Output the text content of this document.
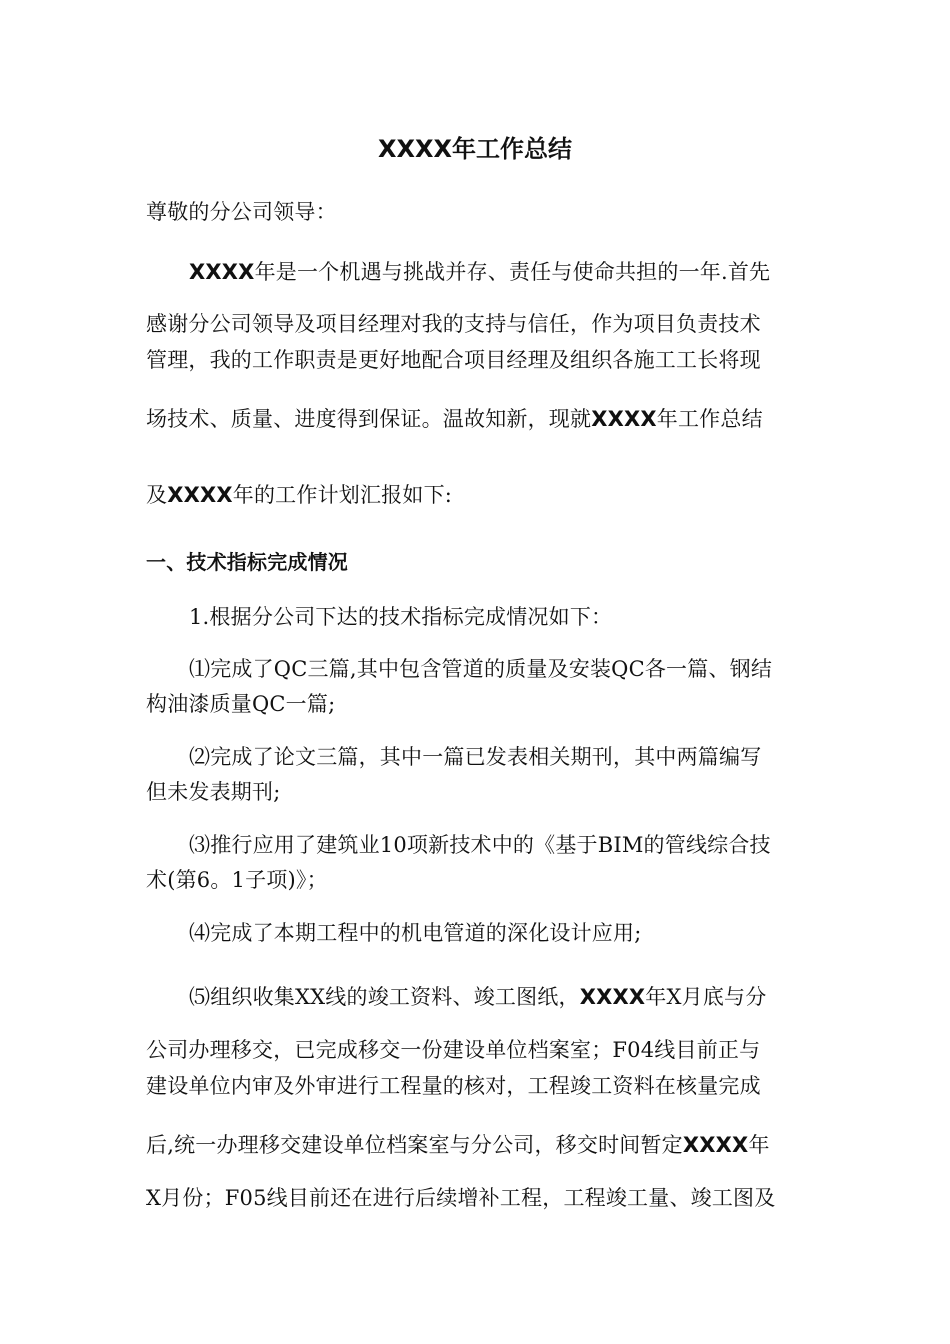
XXXX年工作总结
尊敬的分公司领导：
XXXX年是一个机遇与挑战并存、责任与使命共担的一年.首先
感谢分公司领导及项目经理对我的支持与信任，作为项目负责技术
管理，我的工作职责是更好地配合项目经理及组织各施工工长将现
场技术、质量、进度得到保证。温故知新，现就XXXX年工作总结
及XXXX年的工作计划汇报如下:
一、技术指标完成情况
1.根据分公司下达的技术指标完成情况如下：
⑴完成了QC三篇,其中包含管道的质量及安装QC各一篇、钢结
构油漆质量QC一篇;
⑵完成了论文三篇，其中一篇已发表相关期刊，其中两篇编写
但未发表期刊;
⑶推行应用了建筑业10项新技术中的《基于BIM的管线综合技
术(第6。1子项)》；
⑷完成了本期工程中的机电管道的深化设计应用;
⑸组织收集XX线的竣工资料、竣工图纸，XXXX年X月底与分
公司办理移交，已完成移交一份建设单位档案室；F04线目前正与
建设单位内审及外审进行工程量的核对，工程竣工资料在核量完成
后,统一办理移交建设单位档案室与分公司，移交时间暂定XXXX年
X月份；F05线目前还在进行后续增补工程，工程竣工量、竣工图及
